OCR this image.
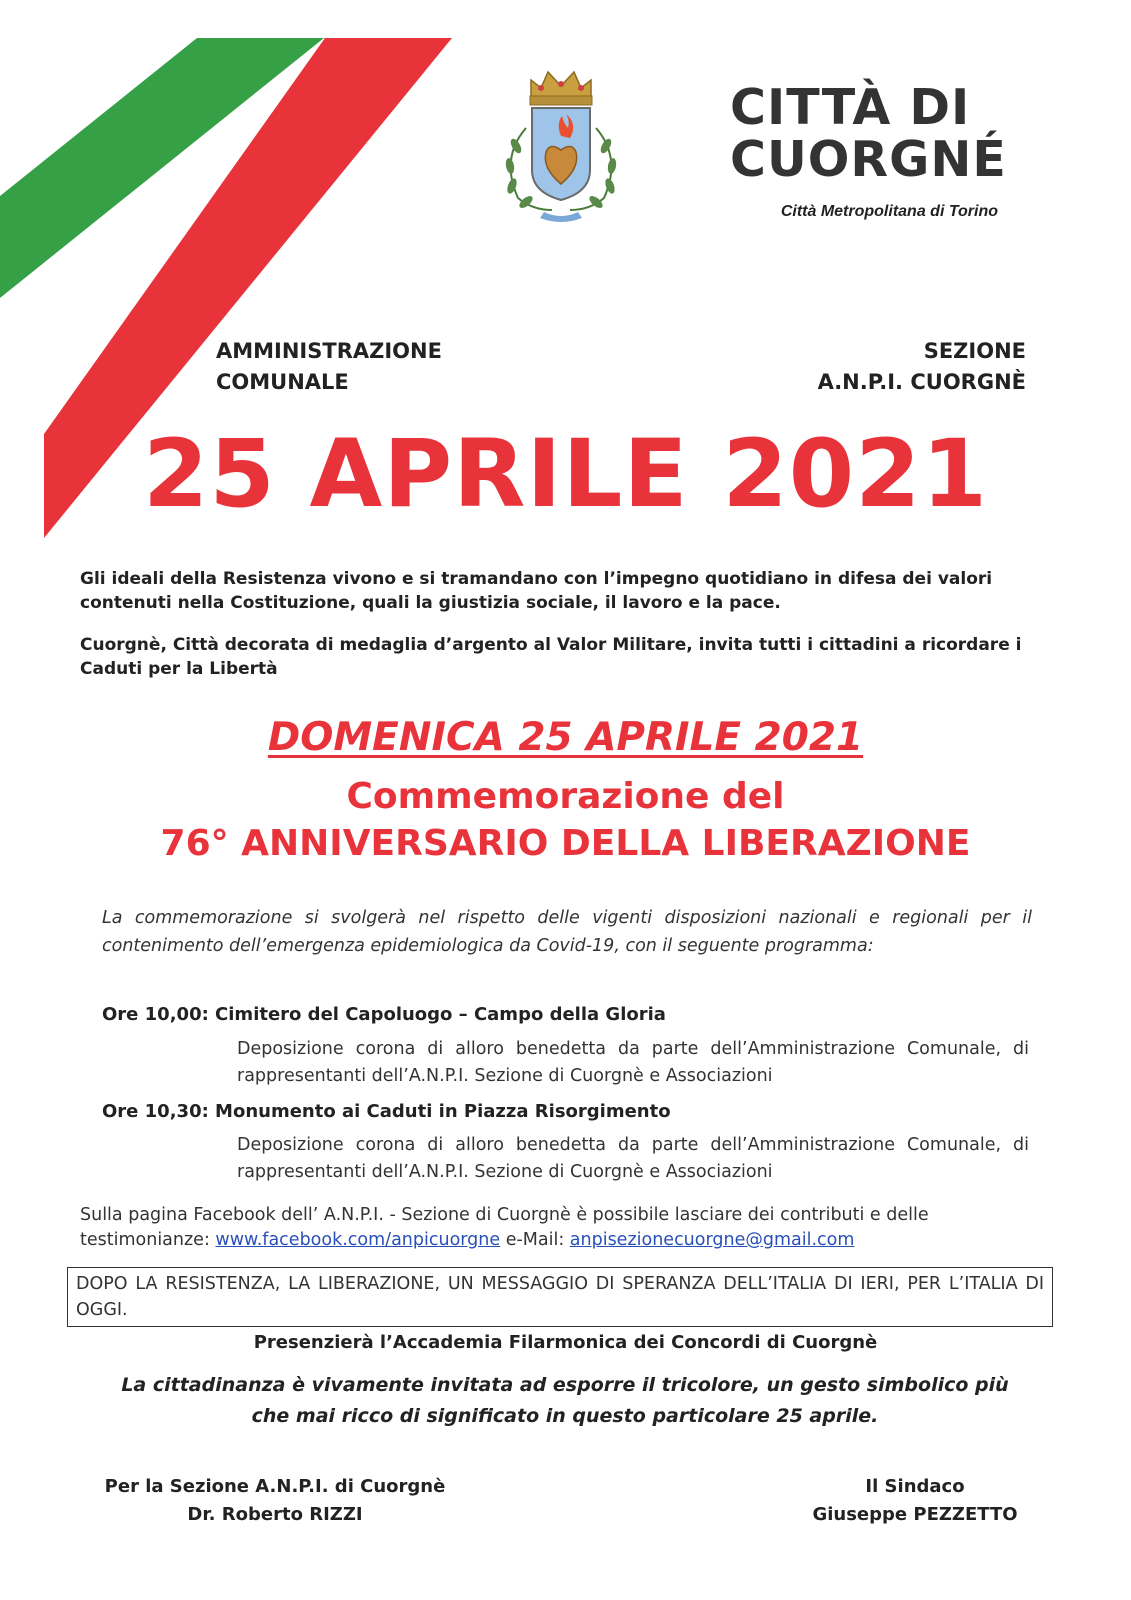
CITTÀ DI
CUORGNÉ
Città Metropolitana di Torino
AMMINISTRAZIONE
COMUNALE
SEZIONE
A.N.P.I. CUORGNÈ
25 APRILE 2021
Gli ideali della Resistenza vivono e si tramandano con l’impegno quotidiano in difesa dei valori contenuti nella Costituzione, quali la giustizia sociale, il lavoro e la pace.
Cuorgnè, Città decorata di medaglia d’argento al Valor Militare, invita tutti i cittadini a ricordare i Caduti per la Libertà
DOMENICA 25 APRILE 2021
Commemorazione del
76° ANNIVERSARIO DELLA LIBERAZIONE
La commemorazione si svolgerà nel rispetto delle vigenti disposizioni nazionali e regionali per il contenimento dell’emergenza epidemiologica da Covid-19, con il seguente programma:
Ore 10,00: Cimitero del Capoluogo – Campo della Gloria
Deposizione corona di alloro benedetta da parte dell’Amministrazione Comunale, di rappresentanti dell’A.N.P.I. Sezione di Cuorgnè e Associazioni
Ore 10,30: Monumento ai Caduti in Piazza Risorgimento
Deposizione corona di alloro benedetta da parte dell’Amministrazione Comunale, di rappresentanti dell’A.N.P.I. Sezione di Cuorgnè e Associazioni
Sulla pagina Facebook dell’ A.N.P.I. - Sezione di Cuorgnè è possibile lasciare dei contributi e delle testimonianze: www.facebook.com/anpicuorgne e-Mail: anpisezionecuorgne@gmail.com
DOPO LA RESISTENZA, LA LIBERAZIONE, UN MESSAGGIO DI SPERANZA DELL’ITALIA DI IERI, PER L’ITALIA DI OGGI.
Presenzierà l’Accademia Filarmonica dei Concordi di Cuorgnè
La cittadinanza è vivamente invitata ad esporre il tricolore, un gesto simbolico più
che mai ricco di significato in questo particolare 25 aprile.
Per la Sezione A.N.P.I. di Cuorgnè
Dr. Roberto RIZZI
Il Sindaco
Giuseppe PEZZETTO
